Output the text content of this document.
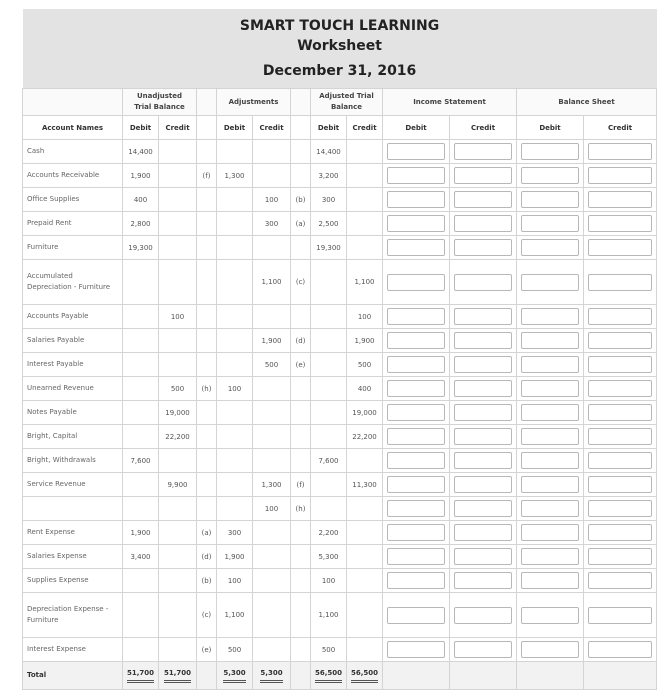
SMART TOUCH LEARNING												
Worksheet												
December 31, 2016												
	Unadjusted
Trial Balance			Adjustments			Adjusted Trial
Balance		Income Statement		Balance Sheet	
Account Names	Debit	Credit		Debit	Credit		Debit	Credit	Debit	Credit	Debit	Credit
Cash	14,400						14,400		

Accounts Receivable	1,900		(f)	1,300			3,200		

Office Supplies	400				100	(b)	300		

Prepaid Rent	2,800				300	(a)	2,500		

Furniture	19,300						19,300		

Accumulated Depreciation - Furniture					1,100	(c)		1,100	

Accounts Payable		100						100	

Salaries Payable					1,900	(d)		1,900	

Interest Payable					500	(e)		500	

Unearned Revenue		500	(h)	100				400	

Notes Payable		19,000						19,000	

Bright, Capital		22,200						22,200	

Bright, Withdrawals	7,600						7,600		

Service Revenue		9,900			1,300	(f)		11,300	

					100	(h)			

Rent Expense	1,900		(a)	300			2,200		

Salaries Expense	3,400		(d)	1,900			5,300		

Supplies Expense			(b)	100			100		

Depreciation Expense - Furniture			(c)	1,100			1,100		

Interest Expense			(e)	500			500		

Total	51,700	51,700		5,300	5,300		56,500	56,500				
